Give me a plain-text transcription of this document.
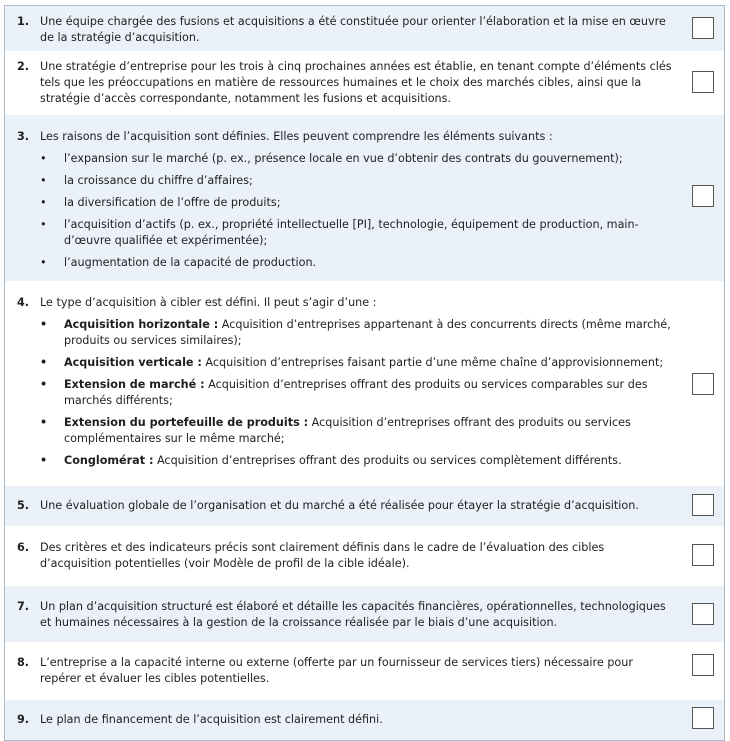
1. Une équipe chargée des fusions et acquisitions a été constituée pour orienter l’élaboration et la mise en œuvre de la stratégie d’acquisition.

2. Une stratégie d’entreprise pour les trois à cinq prochaines années est établie, en tenant compte d’éléments clés tels que les préoccupations en matière de ressources humaines et le choix des marchés cibles, ainsi que la stratégie d’accès correspondante, notamment les fusions et acquisitions.

3. Les raisons de l’acquisition sont définies. Elles peuvent comprendre les éléments suivants :

• l’expansion sur le marché (p. ex., présence locale en vue d’obtenir des contrats du gouvernement);
• la croissance du chiffre d’affaires;
• la diversification de l’offre de produits;
• l’acquisition d’actifs (p. ex., propriété intellectuelle [PI], technologie, équipement de production, main-d’œuvre qualifiée et expérimentée);
• l’augmentation de la capacité de production.
4. Le type d’acquisition à cibler est défini. Il peut s’agir d’une :

• Acquisition horizontale : Acquisition d’entreprises appartenant à des concurrents directs (même marché, produits ou services similaires);
• Acquisition verticale : Acquisition d’entreprises faisant partie d’une même chaîne d’approvisionnement;
• Extension de marché : Acquisition d’entreprises offrant des produits ou services comparables sur des marchés différents;
• Extension du portefeuille de produits : Acquisition d’entreprises offrant des produits ou services complémentaires sur le même marché;
• Conglomérat : Acquisition d’entreprises offrant des produits ou services complètement différents.
5. Une évaluation globale de l’organisation et du marché a été réalisée pour étayer la stratégie d’acquisition.

6. Des critères et des indicateurs précis sont clairement définis dans le cadre de l’évaluation des cibles d’acquisition potentielles (voir Modèle de profil de la cible idéale).

7. Un plan d’acquisition structuré est élaboré et détaille les capacités financières, opérationnelles, technologiques et humaines nécessaires à la gestion de la croissance réalisée par le biais d’une acquisition.

8. L’entreprise a la capacité interne ou externe (offerte par un fournisseur de services tiers) nécessaire pour repérer et évaluer les cibles potentielles.

9. Le plan de financement de l’acquisition est clairement défini.
